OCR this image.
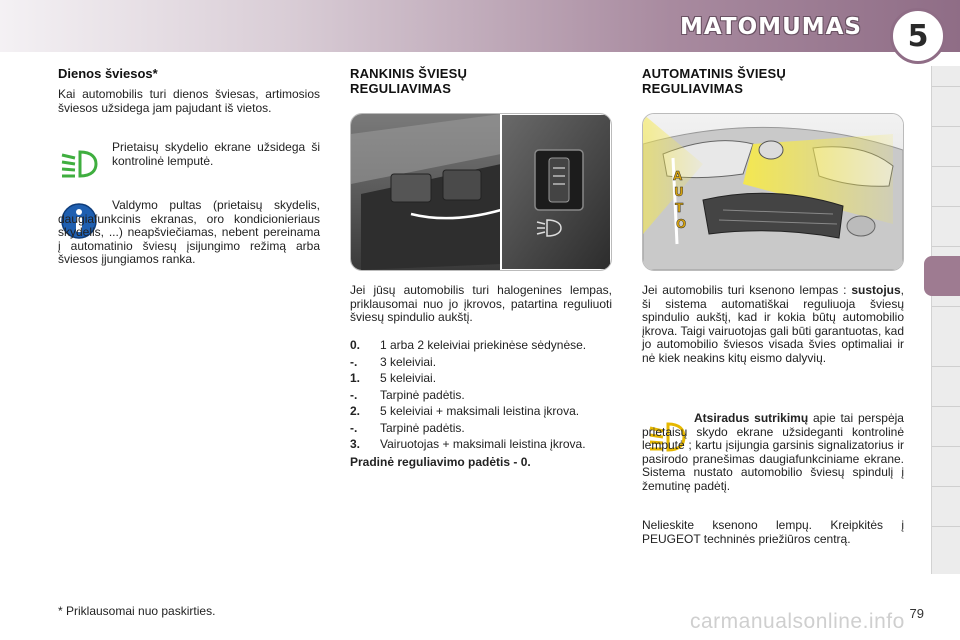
MATOMUMAS	5
Dienos šviesos*

Kai automobilis turi dienos šviesas, artimosios šviesos užsidega jam pajudant iš vietos.

Prietaisų skydelio ekrane užsidega ši kontrolinė lemputė.

Valdymo pultas (prietaisų skydelis, daugiafunkcinis ekranas, oro kondicionieriaus skydelis, ...) neapšviečiamas, nebent pereinama į automatinio šviesų įsijungimo režimą arba šviesos įjungiamos ranka.

RANKINIS ŠVIESŲ
REGULIAVIMAS

Jei jūsų automobilis turi halogenines lempas, priklausomai nuo jo įkrovos, patartina reguliuoti šviesų spindulio aukštį.

0.	1 arba 2 keleiviai priekinėse sėdynėse.
-.	3 keleiviai.
1.	5 keleiviai.
-.	Tarpinė padėtis.
2.	5 keleiviai + maksimali leistina įkrova.
-.	Tarpinė padėtis.
3.	Vairuotojas + maksimali leistina įkrova.
Pradinė reguliavimo padėtis - 0.
AUTOMATINIS ŠVIESŲ
REGULIAVIMAS
A
U
T
O

Jei automobilis turi ksenono lempas : sustojus, ši sistema automatiškai reguliuoja šviesų spindulio aukštį, kad ir kokia būtų automobilio įkrova. Taigi vairuotojas gali būti garantuotas, kad jo automobilio šviesos visada švies optimaliai ir nė kiek neakins kitų eismo dalyvių.

Atsiradus sutrikimų apie tai perspėja prietaisų skydo ekrane užsideganti kontrolinė lemputė ; kartu įsijungia garsinis signalizatorius ir pasirodo pranešimas daugiafunkciniame ekrane. Sistema nustato automobilio šviesų spindulį į žemutinę padėtį.

Nelieskite ksenono lempų. Kreipkitės į PEUGEOT techninės priežiūros centrą.

* Priklausomai nuo paskirties.	carmanualsonline.info 79
